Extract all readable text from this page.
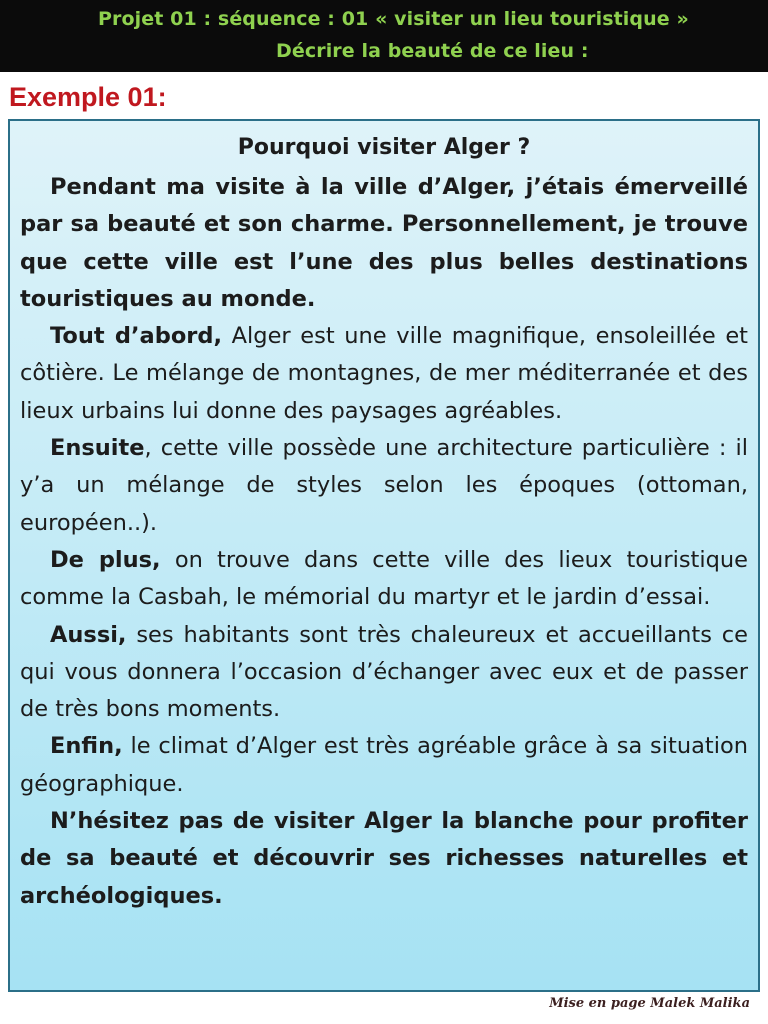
Projet 01 : séquence : 01 « visiter un lieu touristique »
Décrire la beauté de ce lieu :
Exemple 01:
Pourquoi visiter Alger ?

Pendant ma visite à la ville d’Alger, j’étais émerveillé par sa beauté et son charme. Personnellement, je trouve que cette ville est l’une des plus belles destinations touristiques au monde.

Tout d’abord, Alger est une ville magnifique, ensoleillée et côtière. Le mélange de montagnes, de mer méditerranée et des lieux urbains lui donne des paysages agréables.

Ensuite, cette ville possède une architecture particulière : il y’a un mélange de styles selon les époques (ottoman, européen..).

De plus, on trouve dans cette ville des lieux touristique comme la Casbah, le mémorial du martyr et le jardin d’essai.

Aussi, ses habitants sont très chaleureux et accueillants ce qui vous donnera l’occasion d’échanger avec eux et de passer de très bons moments.

Enfin, le climat d’Alger est très agréable grâce à sa situation géographique.

N’hésitez pas de visiter Alger la blanche pour profiter de sa beauté et découvrir ses richesses naturelles et archéologiques.

Mise en page Malek Malika
